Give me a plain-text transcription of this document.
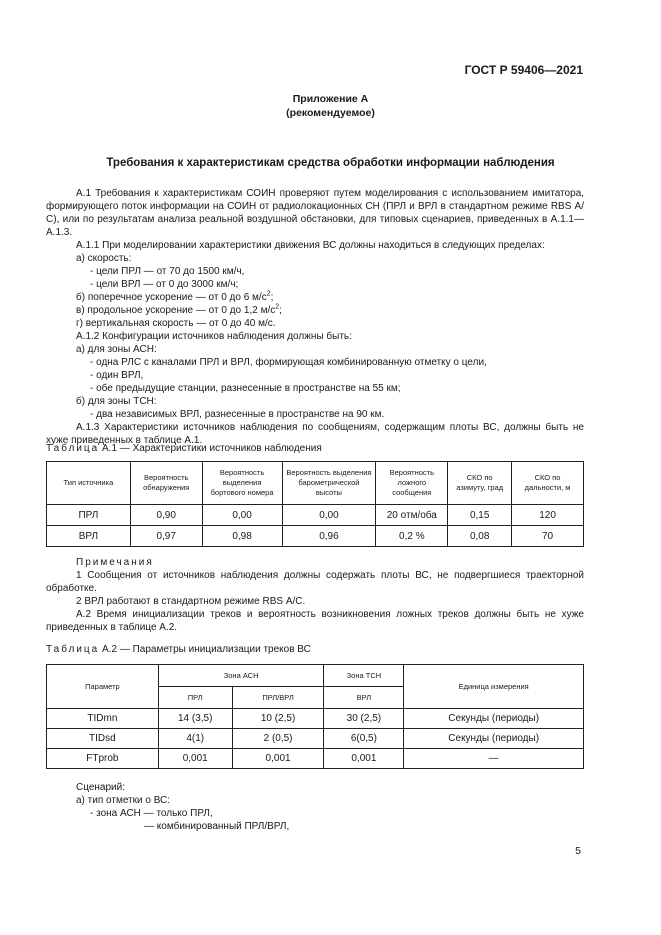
ГОСТ Р 59406—2021
Приложение А
(рекомендуемое)
Требования к характеристикам средства обработки информации наблюдения

А.1 Требования к характеристикам СОИН проверяют путем моделирования с использованием имитатора, формирующего поток информации на СОИН от радиолокационных СН (ПРЛ и ВРЛ в стандартном режиме RBS А/С), или по результатам анализа реальной воздушной обстановки, для типовых сценариев, приведенных в А.1.1—А.1.3.

А.1.1 При моделировании характеристики движения ВС должны находиться в следующих пределах:

а) скорость:

- цели ПРЛ — от 70 до 1500 км/ч,

- цели ВРЛ — от 0 до 3000 км/ч;

б) поперечное ускорение — от 0 до 6 $м/с^2$;

в) продольное ускорение — от 0 до 1,2 $м/с^2$;

г) вертикальная скорость — от 0 до 40 м/с.

А.1.2 Конфигурации источников наблюдения должны быть:

а) для зоны АСН:

- одна РЛС с каналами ПРЛ и ВРЛ, формирующая комбинированную отметку о цели,

- один ВРЛ,

- обе предыдущие станции, разнесенные в пространстве на 55 км;

б) для зоны ТСН:

- два независимых ВРЛ, разнесенные в пространстве на 90 км.

А.1.3 Характеристики источников наблюдения по сообщениям, содержащим плоты ВС, должны быть не хуже приведенных в таблице А.1.

Таблица А.1 — Характеристики источников наблюдения
Тип источника	Вероятность обнаружения	Вероятность выделения бортового номера	Вероятность выделения барометрической высоты	Вероятность ложного сообщения	СКО по азимуту, град	СКО по дальности, м
ПРЛ	0,90	0,00	0,00	20 отм/оба	0,15	120
ВРЛ	0,97	0,98	0,96	0,2 %	0,08	70

Примечания

1 Сообщения от источников наблюдения должны содержать плоты ВС, не подвергшиеся траекторной обработке.

2 ВРЛ работают в стандартном режиме RBS А/С.

А.2 Время инициализации треков и вероятность возникновения ложных треков должны быть не хуже приведенных в таблице А.2.

Таблица А.2 — Параметры инициализации треков ВС
Параметр	Зона АСН		Зона ТСН	Единица измерения
	ПРЛ	ПРЛ/ВРЛ	ВРЛ	
TIDmn	14 (3,5)	10 (2,5)	30 (2,5)	Секунды (периоды)
TIDsd	4(1)	2 (0,5)	6(0,5)	Секунды (периоды)
FTprob	0,001	0,001	0,001	—

Сценарий:

а) тип отметки о ВС:

- зона АСН — только ПРЛ,

— комбинированный ПРЛ/ВРЛ,

5
